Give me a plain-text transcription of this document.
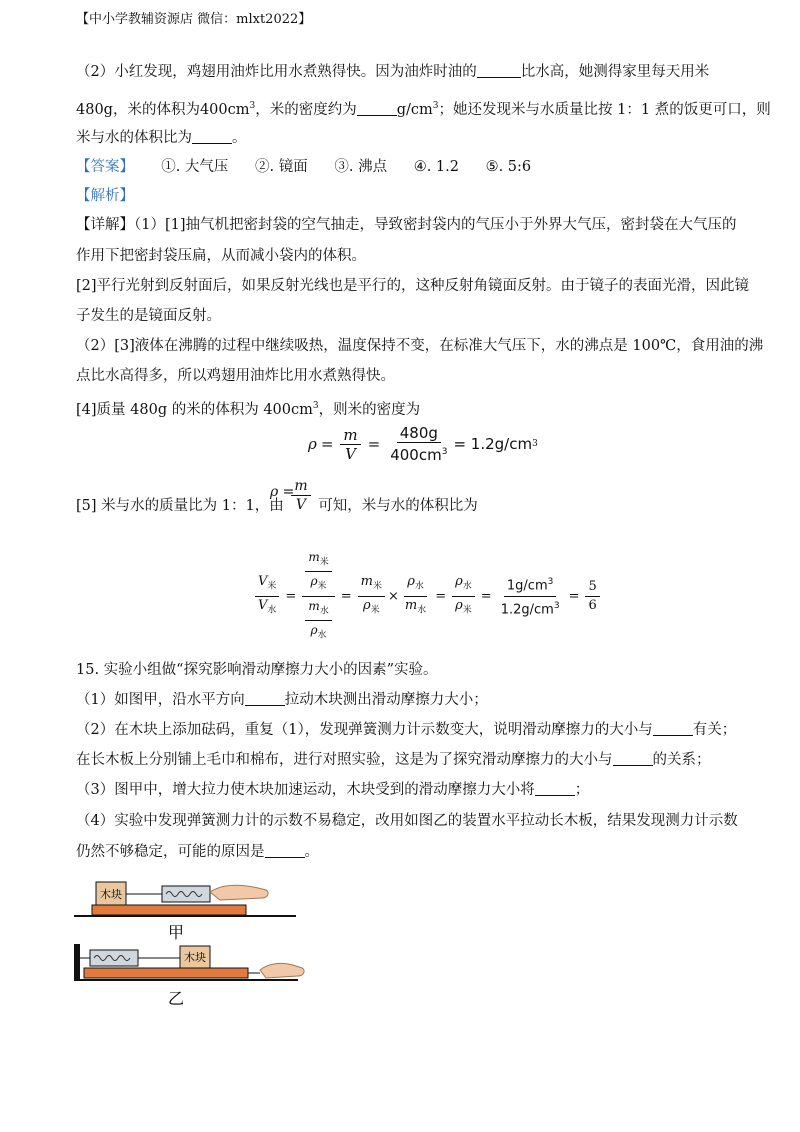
【中小学教辅资源店 微信：mlxt2022】
（2）小红发现，鸡翅用油炸比用水煮熟得快。因为油炸时油的	比水高，她测得家里每天用米
480g，米的体积为$400cm^3$，米的密度约为	$g/cm^3$；她还发现米与水质量比按 1：1 煮的饭更可口，则
米与水的体积比为	。
【答案】 ①. 大气压 ②. 镜面 ③. 沸点 ④. 1.2 ⑤. 5:6
【解析】
【详解】（1）[1]抽气机把密封袋的空气抽走，导致密封袋内的气压小于外界大气压，密封袋在大气压的
作用下把密封袋压扁，从而减小袋内的体积。
[2]平行光射到反射面后，如果反射光线也是平行的，这种反射角镜面反射。由于镜子的表面光滑，因此镜
子发生的是镜面反射。
（2）[3]液体在沸腾的过程中继续吸热，温度保持不变，在标准大气压下，水的沸点是 100℃，食用油的沸
点比水高得多，所以鸡翅用油炸比用水煮熟得快。
[4]质量 480g 的米的体积为 $400cm^3$，则米的密度为
$\rho = \frac{m}{V} = \frac{480g}{400cm^3} = 1.2g/cm$ 3
[5] 米与水的质量比为 1：1，由 $\frac{m}{V}$ 可知，米与水的体积比为
ρ =
$\frac{V_米}{V_水} = \frac{\frac{m_米}{\rho_米}}{\frac{m_水}{\rho_水}} = \frac{m_米}{\rho_米} \times \frac{\rho_水}{m_水} = \frac{\rho_水}{\rho_米} = \frac{1g/cm^3}{1.2g/cm^3} = \frac{5}{6}$
15. 实验小组做“探究影响滑动摩擦力大小的因素”实验。
（1）如图甲，沿水平方向	拉动木块测出滑动摩擦力大小；
（2）在木块上添加砝码，重复（1），发现弹簧测力计示数变大，说明滑动摩擦力的大小与	有关；
在长木板上分别铺上毛巾和棉布，进行对照实验，这是为了探究滑动摩擦力的大小与	的关系；
（3）图甲中，增大拉力使木块加速运动，木块受到的滑动摩擦力大小将	；
（4）实验中发现弹簧测力计的示数不易稳定，改用如图乙的装置水平拉动长木板，结果发现测力计示数
仍然不够稳定，可能的原因是	。
木块
甲
木块
乙
